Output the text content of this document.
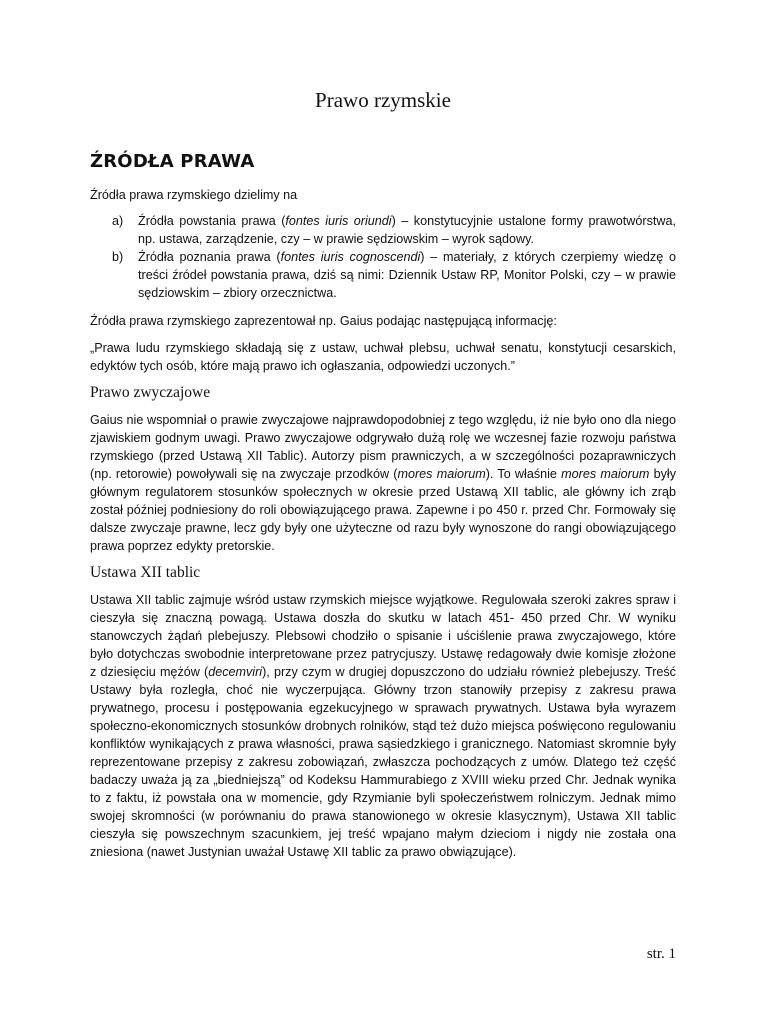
Prawo rzymskie
ŹRÓDŁA PRAWA
Źródła prawa rzymskiego dzielimy na
a) Źródła powstania prawa (fontes iuris oriundi) – konstytucyjnie ustalone formy prawotwórstwa, np. ustawa, zarządzenie, czy – w prawie sędziowskim – wyrok sądowy.
b) Źródła poznania prawa (fontes iuris cognoscendi) – materiały, z których czerpiemy wiedzę o treści źródeł powstania prawa, dziś są nimi: Dziennik Ustaw RP, Monitor Polski, czy – w prawie sędziowskim – zbiory orzecznictwa.
Źródła prawa rzymskiego zaprezentował np. Gaius podając następującą informację:
„Prawa ludu rzymskiego składają się z ustaw, uchwał plebsu, uchwał senatu, konstytucji cesarskich, edyktów tych osób, które mają prawo ich ogłaszania, odpowiedzi uczonych.”
Prawo zwyczajowe
Gaius nie wspomniał o prawie zwyczajowe najprawdopodobniej z tego względu, iż nie było ono dla niego zjawiskiem godnym uwagi. Prawo zwyczajowe odgrywało dużą rolę we wczesnej fazie rozwoju państwa rzymskiego (przed Ustawą XII Tablic). Autorzy pism prawniczych, a w szczególności pozaprawniczych (np. retorowie) powoływali się na zwyczaje przodków (mores maiorum). To właśnie mores maiorum były głównym regulatorem stosunków społecznych w okresie przed Ustawą XII tablic, ale główny ich zrąb został później podniesiony do roli obowiązującego prawa. Zapewne i po 450 r. przed Chr. Formowały się dalsze zwyczaje prawne, lecz gdy były one użyteczne od razu były wynoszone do rangi obowiązującego prawa poprzez edykty pretorskie.
Ustawa XII tablic
Ustawa XII tablic zajmuje wśród ustaw rzymskich miejsce wyjątkowe. Regulowała szeroki zakres spraw i cieszyła się znaczną powagą. Ustawa doszła do skutku w latach 451- 450 przed Chr. W wyniku stanowczych żądań plebejuszy. Plebsowi chodziło o spisanie i uściślenie prawa zwyczajowego, które było dotychczas swobodnie interpretowane przez patrycjuszy. Ustawę redagowały dwie komisje złożone z dziesięciu mężów (decemviri), przy czym w drugiej dopuszczono do udziału również plebejuszy. Treść Ustawy była rozległa, choć nie wyczerpująca. Główny trzon stanowiły przepisy z zakresu prawa prywatnego, procesu i postępowania egzekucyjnego w sprawach prywatnych. Ustawa była wyrazem społeczno-ekonomicznych stosunków drobnych rolników, stąd też dużo miejsca poświęcono regulowaniu konfliktów wynikających z prawa własności, prawa sąsiedzkiego i granicznego. Natomiast skromnie były reprezentowane przepisy z zakresu zobowiązań, zwłaszcza pochodzących z umów. Dlatego też część badaczy uważa ją za „biedniejszą” od Kodeksu Hammurabiego z XVIII wieku przed Chr. Jednak wynika to z faktu, iż powstała ona w momencie, gdy Rzymianie byli społeczeństwem rolniczym. Jednak mimo swojej skromności (w porównaniu do prawa stanowionego w okresie klasycznym), Ustawa XII tablic cieszyła się powszechnym szacunkiem, jej treść wpajano małym dzieciom i nigdy nie została ona zniesiona (nawet Justynian uważał Ustawę XII tablic za prawo obwiązujące).
str. 1
